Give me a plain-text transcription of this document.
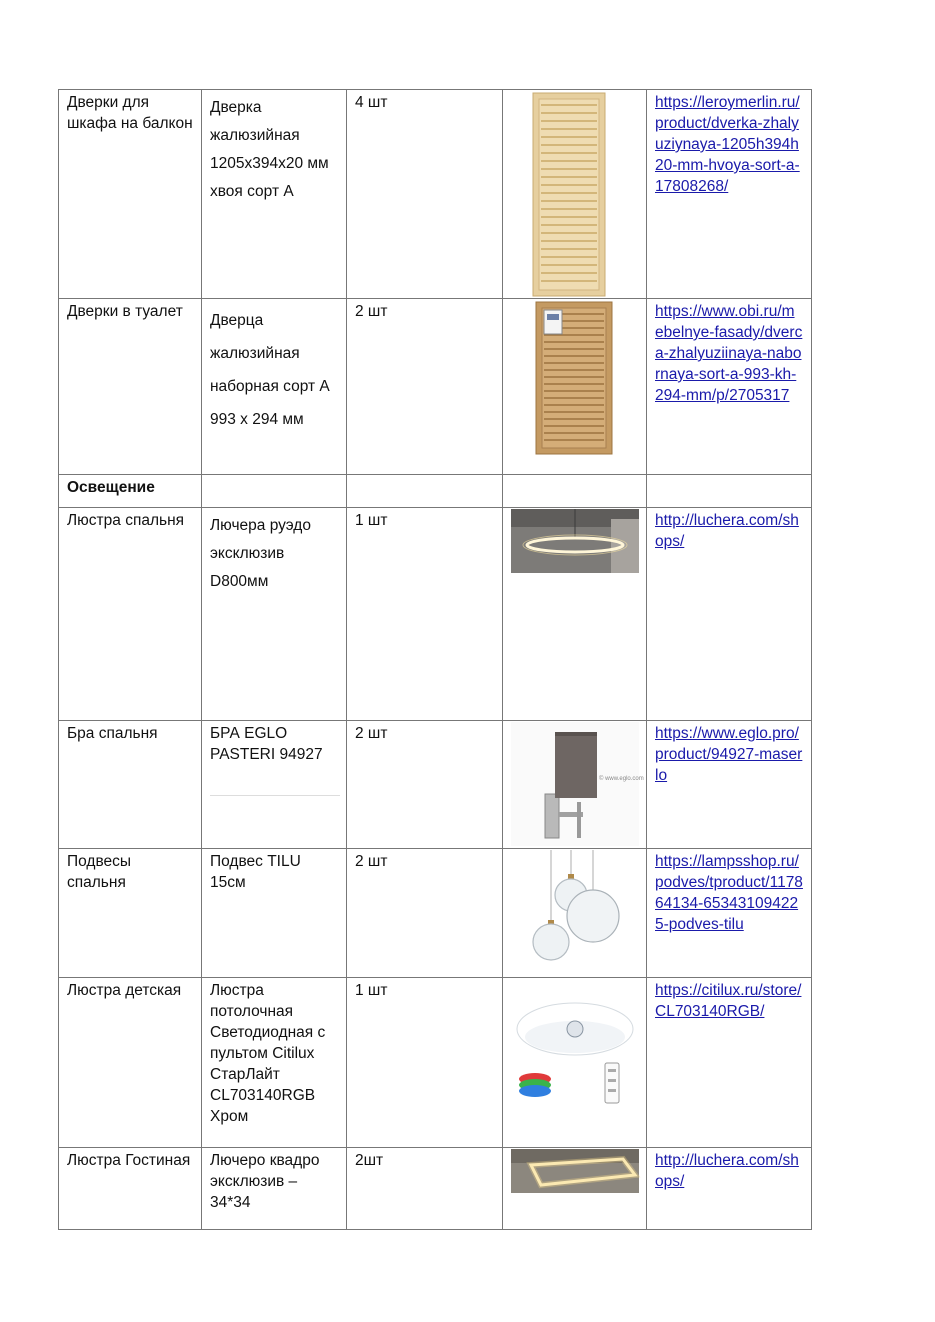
Дверки для шкафа на балкон	Дверка жалюзийная 1205x394x20 мм хвоя сорт А	4 шт		https://leroymerlin.ru/product/dverka-zhalyuziynaya-1205h394h20-mm-hvoya-sort-a-17808268/
Дверки в туалет	Дверца жалюзийная наборная сорт А 993 х 294 мм	2 шт		https://www.obi.ru/mebelnye-fasady/dverca-zhalyuziinaya-nabornaya-sort-a-993-kh-294-mm/p/2705317
Освещение				
Люстра спальня	Лючера руэдо эксклюзив D800мм	1 шт		http://luchera.com/shops/
Бра спальня	БРА EGLO PASTERI 94927	2 шт	© www.eglo.com	https://www.eglo.pro/product/94927-maserlo
Подвесы спальня	Подвес TILU 15см	2 шт		https://lampsshop.ru/podves/tproduct/117864134-653431094225-podves-tilu
Люстра детская	Люстра потолочная Светодиодная с пультом Citilux СтарЛайт CL703140RGB Хром	1 шт		https://citilux.ru/store/CL703140RGB/
Люстра Гостиная	Лючеро квадро эксклюзив – 34*34	2шт		http://luchera.com/shops/
